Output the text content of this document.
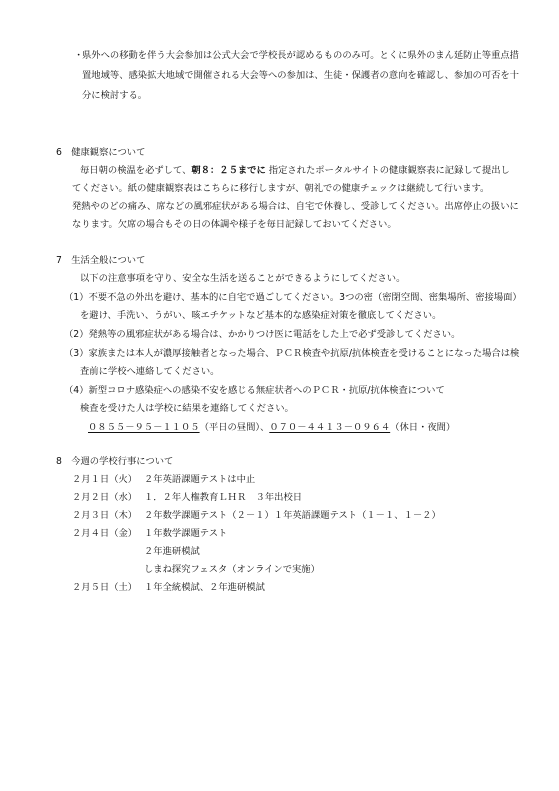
・
県外への移動を伴う大会参加は公式大会で学校長が認めるもののみ可。とくに県外のまん延防止等重点措
置地域等、感染拡大地域で開催される大会等への参加は、生徒・保護者の意向を確認し、参加の可否を十
分に検討する。
6　健康観察について
毎日朝の検温を必ずして、朝８：２５までに 指定されたポータルサイトの健康観察表に記録して提出し
てください。紙の健康観察表はこちらに移行しますが、朝礼での健康チェックは継続して行います。
発熱やのどの痛み、席などの風邪症状がある場合は、自宅で休養し、受診してください。出席停止の扱いに
なります。欠席の場合もその日の体調や様子を毎日記録しておいてください。
7　生活全般について
以下の注意事項を守り、安全な生活を送ることができるようにしてください。
（1）不要不急の外出を避け、基本的に自宅で過ごしてください。3つの密（密閉空間、密集場所、密接場面）
を避け、手洗い、うがい、咳エチケットなど基本的な感染症対策を徹底してください。
（2）発熱等の風邪症状がある場合は、かかりつけ医に電話をした上で必ず受診してください。
（3）家族または本人が濃厚接触者となった場合、ＰＣＲ検査や抗原/抗体検査を受けることになった場合は検
査前に学校へ連絡してください。
（4）新型コロナ感染症への感染不安を感じる無症状者へのＰＣＲ・抗原/抗体検査について
検査を受けた人は学校に結果を連絡してください。
０８５５－９５－１１０５（平日の昼間）、０７０－４４１３－０９６４（休日・夜間）
8　今週の学校行事について
２月１日（火） ２年英語課題テストは中止
２月２日（水） １．２年人権教育ＬＨＲ　３年出校日
２月３日（木） ２年数学課題テスト（２－１）１年英語課題テスト（１－１、１－２）
２月４日（金） １年数学課題テスト
２年進研模試
しまね探究フェスタ（オンラインで実施）
２月５日（土） １年全統模試、２年進研模試
